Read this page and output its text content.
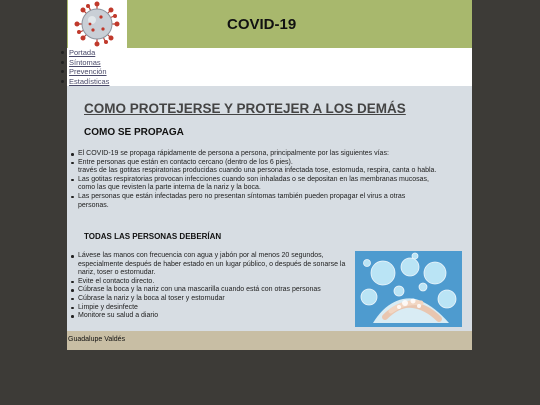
COVID-19
Portada
Síntomas
Prevención
Estadísticas
COMO PROTEJERSE Y PROTEJER A LOS DEMÁS
COMO SE PROPAGA
El COVID-19 se propaga rápidamente de persona a persona, principalmente por las siguientes vías:
Entre personas que están en contacto cercano (dentro de los 6 pies).
través de las gotitas respiratorias producidas cuando una persona infectada tose, estornuda, respira, canta o habla.
Las gotitas respiratorias provocan infecciones cuando son inhaladas o se depositan en las membranas mucosas, como las que revisten la parte interna de la nariz y la boca.
Las personas que están infectadas pero no presentan síntomas también pueden propagar el virus a otras personas.
TODAS LAS PERSONAS DEBERÍAN
Lávese las manos con frecuencia con agua y jabón por al menos 20 segundos, especialmente después de haber estado en un lugar público, o después de sonarse la nariz, toser o estornudar.
Evite el contacto directo.
Cúbrase la boca y la nariz con una mascarilla cuando está con otras personas
Cúbrase la nariz y la boca al toser y estornudar
Limpie y desinfecte
Monitore su salud a diario

Guadalupe Valdés
